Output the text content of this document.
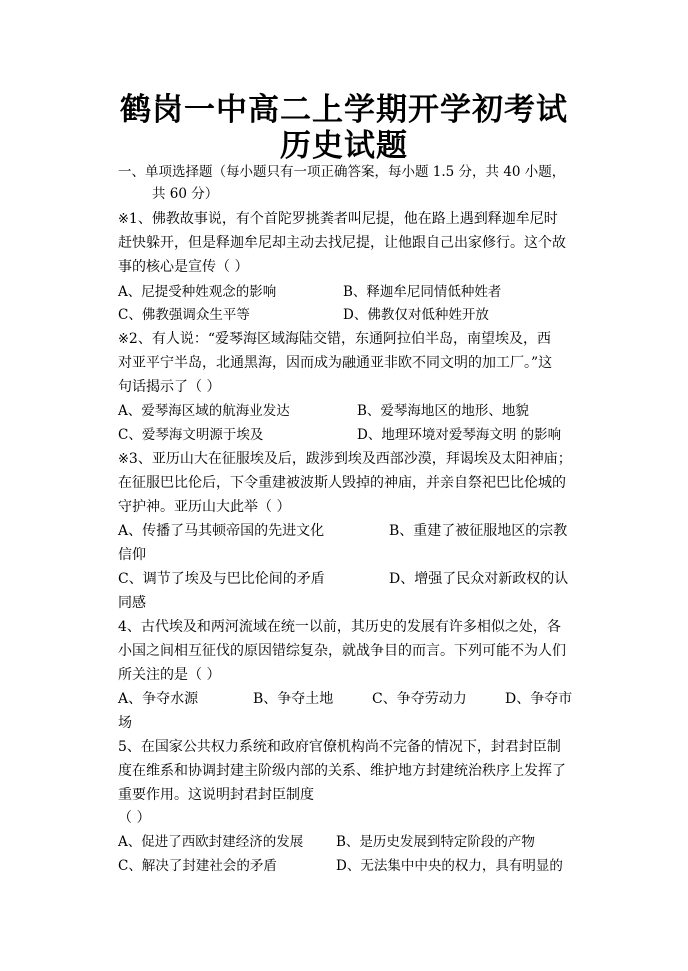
鹤岗一中高二上学期开学初考试
历史试题
一、单项选择题（每小题只有一项正确答案，每小题 1.5 分，共 40 小题，
共 60 分）
※1、佛教故事说，有个首陀罗挑粪者叫尼提，他在路上遇到释迦牟尼时
赶快躲开，但是释迦牟尼却主动去找尼提，让他跟自己出家修行。这个故
事的核心是宣传（ ）
A、尼提受种姓观念的影响	B、释迦牟尼同情低种姓者
C、佛教强调众生平等	D、佛教仅对低种姓开放
※2、有人说：“爱琴海区域海陆交错，东通阿拉伯半岛，南望埃及，西
对亚平宁半岛，北通黑海，因而成为融通亚非欧不同文明的加工厂。”这
句话揭示了（ ）
A、爱琴海区域的航海业发达	B、爱琴海地区的地形、地貌
C、爱琴海文明源于埃及	D、地理环境对爱琴海文明 的影响
※3、亚历山大在征服埃及后，跋涉到埃及西部沙漠，拜谒埃及太阳神庙；
在征服巴比伦后，下令重建被波斯人毁掉的神庙，并亲自祭祀巴比伦城的
守护神。亚历山大此举（ ）
A、传播了马其顿帝国的先进文化	B、重建了被征服地区的宗教
信仰
C、调节了埃及与巴比伦间的矛盾	D、增强了民众对新政权的认
同感
4、古代埃及和两河流域在统一以前，其历史的发展有许多相似之处，各
小国之间相互征伐的原因错综复杂，就战争目的而言。下列可能不为人们
所关注的是（ ）
A、争夺水源	B、争夺土地	C、争夺劳动力	D、争夺市
场
5、在国家公共权力系统和政府官僚机构尚不完备的情况下，封君封臣制
度在维系和协调封建主阶级内部的关系、维护地方封建统治秩序上发挥了
重要作用。这说明封君封臣制度
（ ）
A、促进了西欧封建经济的发展 B、是历史发展到特定阶段的产物
C、解决了封建社会的矛盾	D、无法集中中央的权力，具有明显的
